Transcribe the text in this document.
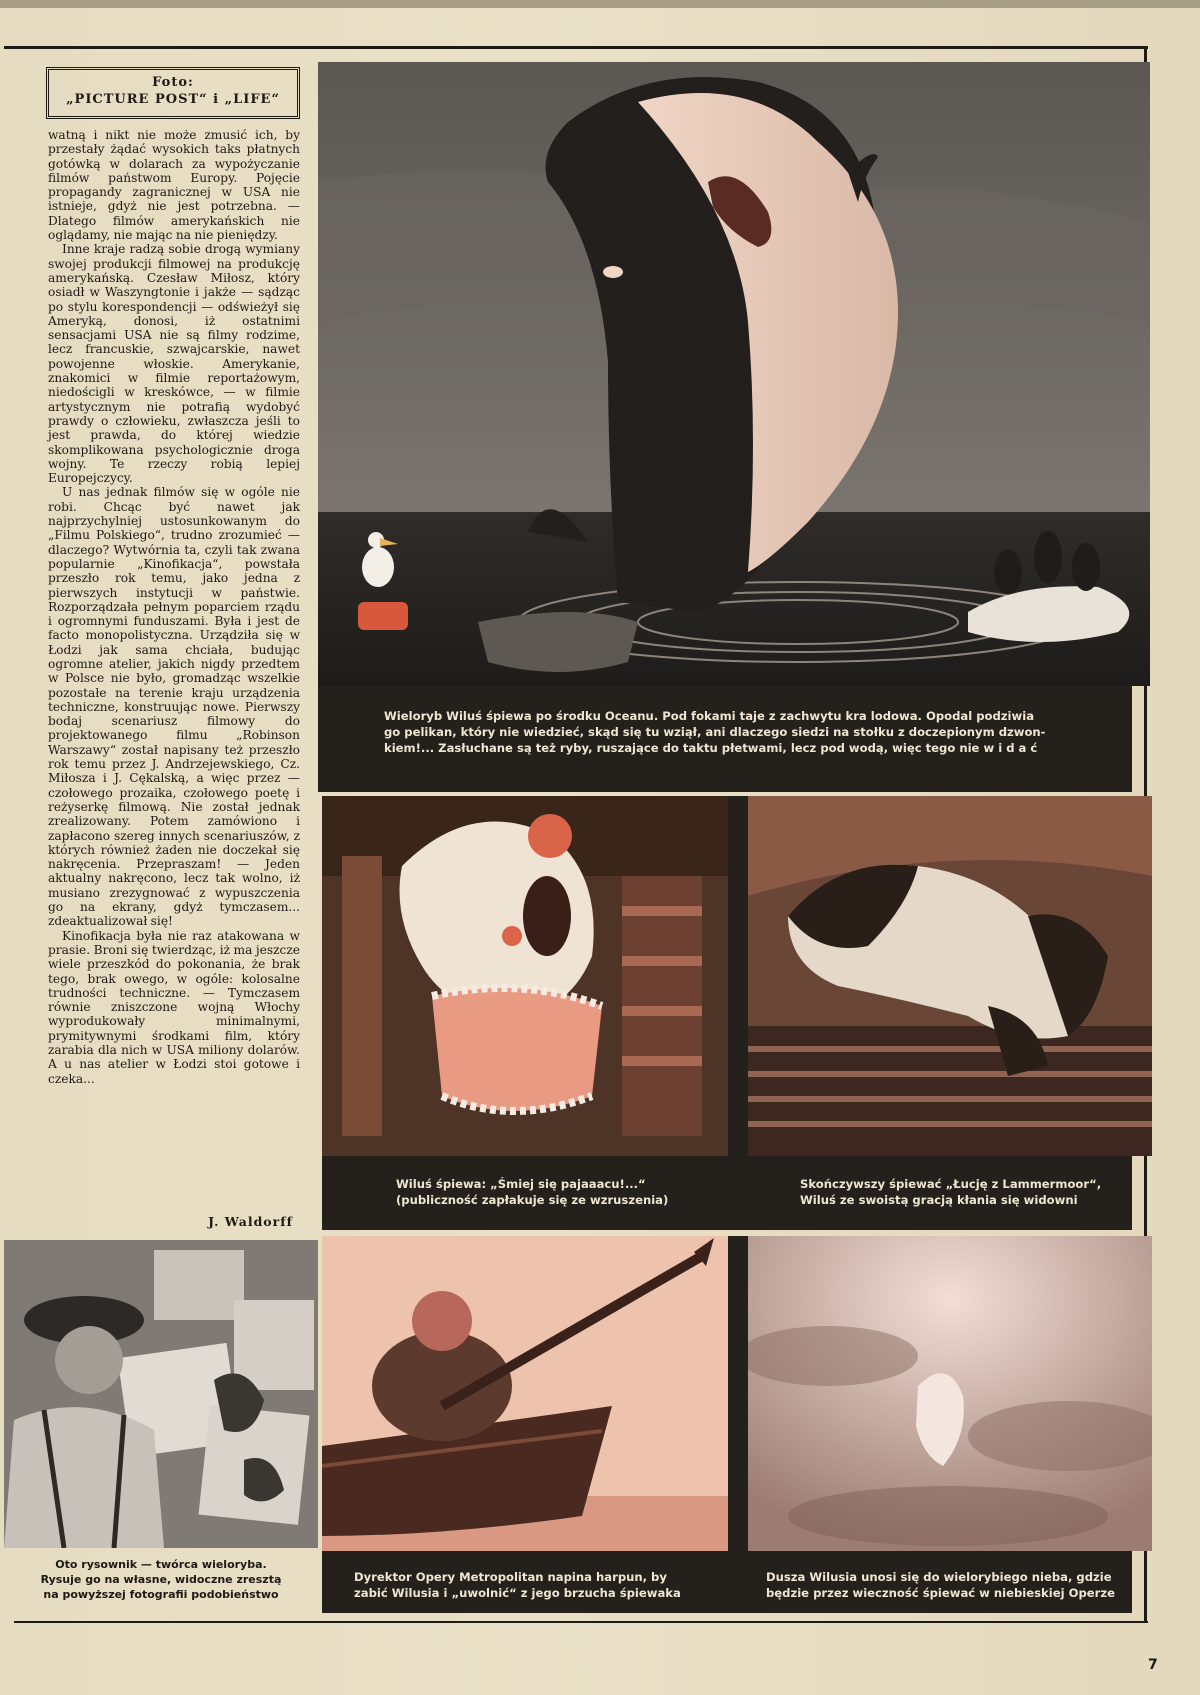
Foto:
„PICTURE POST“ i „LIFE“

watną i nikt nie może zmusić ich, by przestały żądać wysokich taks płatnych gotówką w dolarach za wypożyczanie filmów państwom Europy. Pojęcie propagandy zagranicznej w USA nie istnieje, gdyż nie jest potrzebna. — Dlatego filmów amerykańskich nie oglądamy, nie mając na nie pieniędzy.

Inne kraje radzą sobie drogą wymiany swojej produkcji filmowej na produkcję amerykańską. Czesław Miłosz, który osiadł w Waszyngtonie i jakże — sądząc po stylu korespondencji — odświeżył się Ameryką, donosi, iż ostatnimi sensacjami USA nie są filmy rodzime, lecz francuskie, szwajcarskie, nawet powojenne włoskie. Amerykanie, znakomici w filmie reportażowym, niedościgli w kreskówce, — w filmie artystycznym nie potrafią wydobyć prawdy o człowieku, zwłaszcza jeśli to jest prawda, do której wiedzie skomplikowana psychologicznie droga wojny. Te rzeczy robią lepiej Europejczycy.

U nas jednak filmów się w ogóle nie robi. Chcąc być nawet jak najprzychylniej ustosunkowanym do „Filmu Polskiego“, trudno zrozumieć — dlaczego? Wytwórnia ta, czyli tak zwana popularnie „Kinofikacja“, powstała przeszło rok temu, jako jedna z pierwszych instytucji w państwie. Rozporządzała pełnym poparciem rządu i ogromnymi funduszami. Była i jest de facto monopolistyczna. Urządziła się w Łodzi jak sama chciała, budując ogromne atelier, jakich nigdy przedtem w Polsce nie było, gromadząc wszelkie pozostałe na terenie kraju urządzenia techniczne, konstruując nowe. Pierwszy bodaj scenariusz filmowy do projektowanego filmu „Robinson Warszawy“ został napisany też przeszło rok temu przez J. Andrzejewskiego, Cz. Miłosza i J. Cękalską, a więc przez — czołowego prozaika, czołowego poetę i reżyserkę filmową. Nie został jednak zrealizowany. Potem zamówiono i zapłacono szereg innych scenariuszów, z których również żaden nie doczekał się nakręcenia. Przepraszam! — Jeden aktualny nakręcono, lecz tak wolno, iż musiano zrezygnować z wypuszczenia go na ekrany, gdyż tymczasem... zdeaktualizował się!

Kinofikacja była nie raz atakowana w prasie. Broni się twierdząc, iż ma jeszcze wiele przeszkód do pokonania, że brak tego, brak owego, w ogóle: kolosalne trudności techniczne. — Tymczasem równie zniszczone wojną Włochy wyprodukowały minimalnymi, prymitywnymi środkami film, który zarabia dla nich w USA miliony dolarów. A u nas atelier w Łodzi stoi gotowe i czeka...

J. Waldorff

Wieloryb Wiluś śpiewa po środku Oceanu. Pod fokami taje z zachwytu kra lodowa. Opodal podziwia

go pelikan, który nie wiedzieć, skąd się tu wziął, ani dlaczego siedzi na stołku z doczepionym dzwon-

kiem!... Zasłuchane są też ryby, ruszające do taktu płetwami, lecz pod wodą, więc tego nie w i d a ć

Wiluś śpiewa: „Śmiej się pajaaacu!...“

(publiczność zapłakuje się ze wzruszenia)

Skończywszy śpiewać „Łucję z Lammermoor“,

Wiluś ze swoistą gracją kłania się widowni

Dyrektor Opery Metropolitan napina harpun, by

zabić Wilusia i „uwolnić“ z jego brzucha śpiewaka

Dusza Wilusia unosi się do wielorybiego nieba, gdzie

będzie przez wieczność śpiewać w niebieskiej Operze

Oto rysownik — twórca wieloryba.
Rysuje go na własne, widoczne zresztą
na powyższej fotografii podobieństwo
7
